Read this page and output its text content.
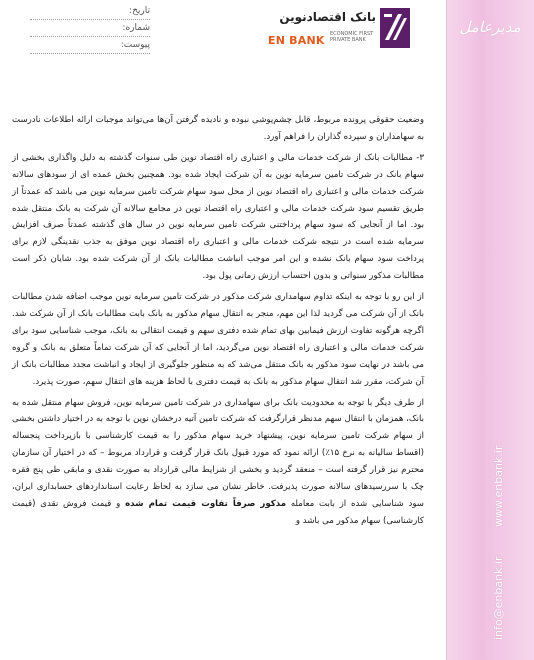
تاریخ:
شماره:
پیوست:
بانک اقتصادنوین
EN BANK	ECONOMIC FIRST PRIVATE BANK

وضعیت حقوقی پرونده مربوط، قابل چشم‌پوشی نبوده و نادیده گرفتن آن‌ها می‌تواند موجبات ارائه اطلاعات نادرست به سهامداران و سپرده گذاران را فراهم آورد.

۳- مطالبات بانک از شرکت خدمات مالی و اعتباری راه اقتصاد نوین طی سنوات گذشته به دلیل واگذاری بخشی از سهام بانک در شرکت تامین سرمایه نوین به آن شرکت ایجاد شده بود. همچنین بخش عمده ای از سودهای سالانه شرکت خدمات مالی و اعتباری راه اقتصاد نوین از محل سود سهام شرکت تامین سرمایه نوین می باشد که عمدتاً از طریق تقسیم سود شرکت خدمات مالی و اعتباری راه اقتصاد نوین در مجامع سالانه آن شرکت به بانک منتقل شده بود. اما از آنجایی که سود سهام پرداختنی شرکت تامین سرمایه نوین در سال های گذشته عمدتاً صرف افزایش سرمایه شده است در نتیجه شرکت خدمات مالی و اعتباری راه اقتصاد نوین موفق به جذب نقدینگی لازم برای پرداخت سود سهام بانک نشده و این امر موجب انباشت مطالبات بانک از آن شرکت شده بود. شایان ذکر است مطالبات مذکور سنواتی و بدون احتساب ارزش زمانی پول بود.

از این رو با توجه به اینکه تداوم سهامداری شرکت مذکور در شرکت تامین سرمایه نوین موجب اضافه شدن مطالبات بانک از آن شرکت می گردید لذا این مهم، منجر به انتقال سهام مذکور به بانک بابت مطالبات بانک از آن شرکت شد. اگرچه هرگونه تفاوت ارزش فیمابین بهای تمام شده دفتری سهم و قیمت انتقالی به بانک، موجب شناسایی سود برای شرکت خدمات مالی و اعتباری راه اقتصاد نوین می‌گردید، اما از آنجایی که آن شرکت تماماً متعلق به بانک و گروه می باشد در نهایت سود مذکور به بانک منتقل می‌شد که به منظور جلوگیری از ایجاد و انباشت مجدد مطالبات بانک از آن شرکت، مقرر شد انتقال سهام مذکور به بانک به قیمت دفتری با لحاظ هزینه های انتقال سهم، صورت پذیرد.

از طرف دیگر با توجه به محدودیت بانک برای سهامداری در شرکت تامین سرمایه نوین، فروش سهام منتقل شده به بانک، همزمان با انتقال سهم مدنظر قرارگرفت که شرکت تامین آتیه درخشان نوین با توجه به در اختیار داشتن بخشی از سهام شرکت تامین سرمایه نوین، پیشنهاد خرید سهام مذکور را به قیمت کارشناسی با بازپرداخت پنجساله (اقساط سالیانه به نرخ ۱۵٪) ارائه نمود که مورد قبول بانک قرار گرفت و قرارداد مربوط – که در اختیار آن سازمان محترم نیز قرار گرفته است – منعقد گردید و بخشی از شرایط مالی قرارداد به صورت نقدی و مابقی طی پنج فقره چک با سررسیدهای سالانه صورت پذیرفت. خاطر نشان می سازد به لحاظ رعایت استانداردهای حسابداری ایران، سود شناسایی شده از بابت معامله مذکور صرفاً تفاوت قیمت تمام شده و قیمت فروش نقدی (قیمت کارشناسی) سهام مذکور می باشد و

مدیرعامل
info@enbank.ir www.enbank.ir
